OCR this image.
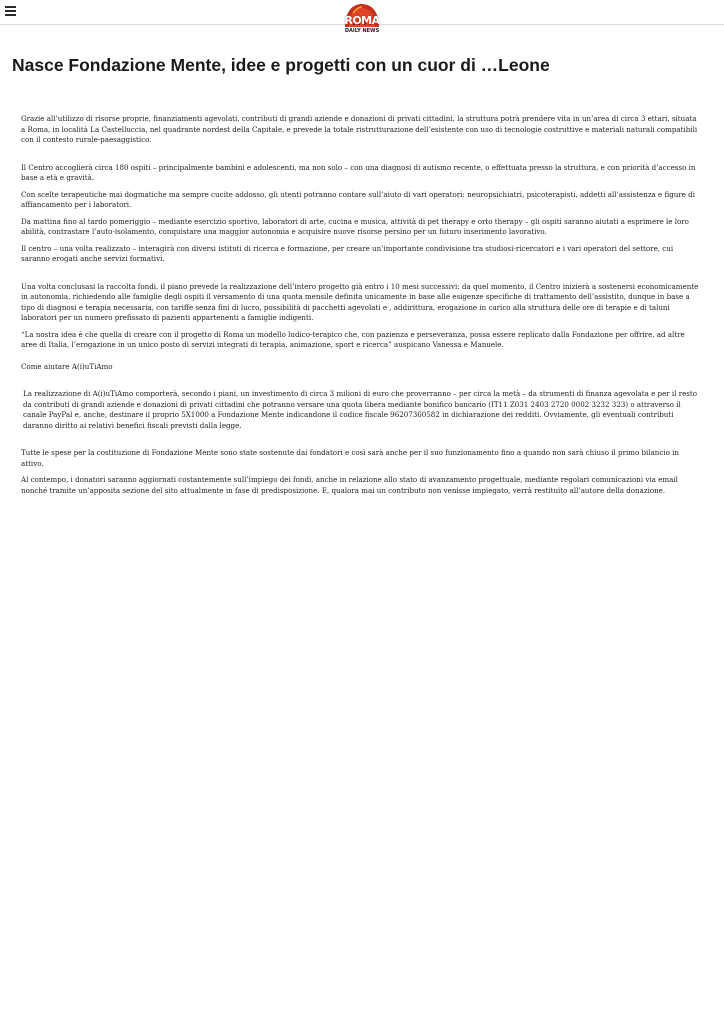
ROMA
DAILY NEWS
Nasce Fondazione Mente, idee e progetti con un cuor di …Leone

Grazie all’utilizzo di risorse proprie, finanziamenti agevolati, contributi di grandi aziende e donazioni di privati cittadini, la struttura potrà prendere vita in un’area di circa 3 ettari, situata a Roma, in località La Castelluccia, nel quadrante nordest della Capitale, e prevede la totale ristrutturazione dell’esistente con uso di tecnologie costruttive e materiali naturali compatibili con il contesto rurale-paesaggistico.

Il Centro accoglierà circa 180 ospiti – principalmente bambini e adolescenti, ma non solo – con una diagnosi di autismo recente, o effettuata presso la struttura, e con priorità d’accesso in base a età e gravità.

Con scelte terapeutiche mai dogmatiche ma sempre cucite addosso, gli utenti potranno contare sull’aiuto di vari operatori: neuropsichiatri, psicoterapisti, addetti all’assistenza e figure di affiancamento per i laboratori.

Da mattina fino al tardo pomeriggio – mediante esercizio sportivo, laboratori di arte, cucina e musica, attività di pet therapy e orto therapy – gli ospiti saranno aiutati a esprimere le loro abilità, contrastare l’auto-isolamento, conquistare una maggior autonomia e acquisire nuove risorse persino per un futuro inserimento lavorativo.

Il centro – una volta realizzato – interagirà con diversi istituti di ricerca e formazione, per creare un’importante condivisione tra studiosi-ricercatori e i vari operatori del settore, cui saranno erogati anche servizi formativi.

Una volta conclusasi la raccolta fondi, il piano prevede la realizzazione dell’intero progetto già entro i 10 mesi successivi: da quel momento, il Centro inizierà a sostenersi economicamente in autonomia, richiedendo alle famiglie degli ospiti il versamento di una quota mensile definita unicamente in base alle esigenze specifiche di trattamento dell’assistito, dunque in base a tipo di diagnosi e terapia necessaria, con tariffe senza fini di lucro, possibilità di pacchetti agevolati e , addirittura, erogazione in carico alla struttura delle ore di terapie e di taluni laboratori per un numero prefissato di pazienti appartenenti a famiglie indigenti.

“La nostra idea è che quella di creare con il progetto di Roma un modello ludico-terapico che, con pazienza e perseveranza, possa essere replicato dalla Fondazione per offrire, ad altre aree di Italia, l’erogazione in un unico posto di servizi integrati di terapia, animazione, sport e ricerca” auspicano Vanessa e Manuele.

Come aiutare A(i)uTiAmo

La realizzazione di A(i)uTiAmo comporterà, secondo i piani, un investimento di circa 3 milioni di euro che proverranno – per circa la metà – da strumenti di finanza agevolata e per il resto da contributi di grandi aziende e donazioni di privati cittadini che potranno versare una quota libera mediante bonifico bancario (IT11 Z031 2403 2720 0002 3232 323) o attraverso il canale PayPal e, anche, destinare il proprio 5X1000 a Fondazione Mente indicandone il codice fiscale 96207360582 in dichiarazione dei redditi. Ovviamente, gli eventuali contributi daranno diritto ai relativi benefici fiscali previsti dalla legge.

Tutte le spese per la costituzione di Fondazione Mente sono state sostenute dai fondatori e così sarà anche per il suo funzionamento fino a quando non sarà chiuso il primo bilancio in attivo.

Al contempo, i donatori saranno aggiornati costantemente sull’impiego dei fondi, anche in relazione allo stato di avanzamento progettuale, mediante regolari comunicazioni via email nonché tramite un’apposita sezione del sito attualmente in fase di predisposizione. E, qualora mai un contributo non venisse impiegato, verrà restituito all’autore della donazione.
